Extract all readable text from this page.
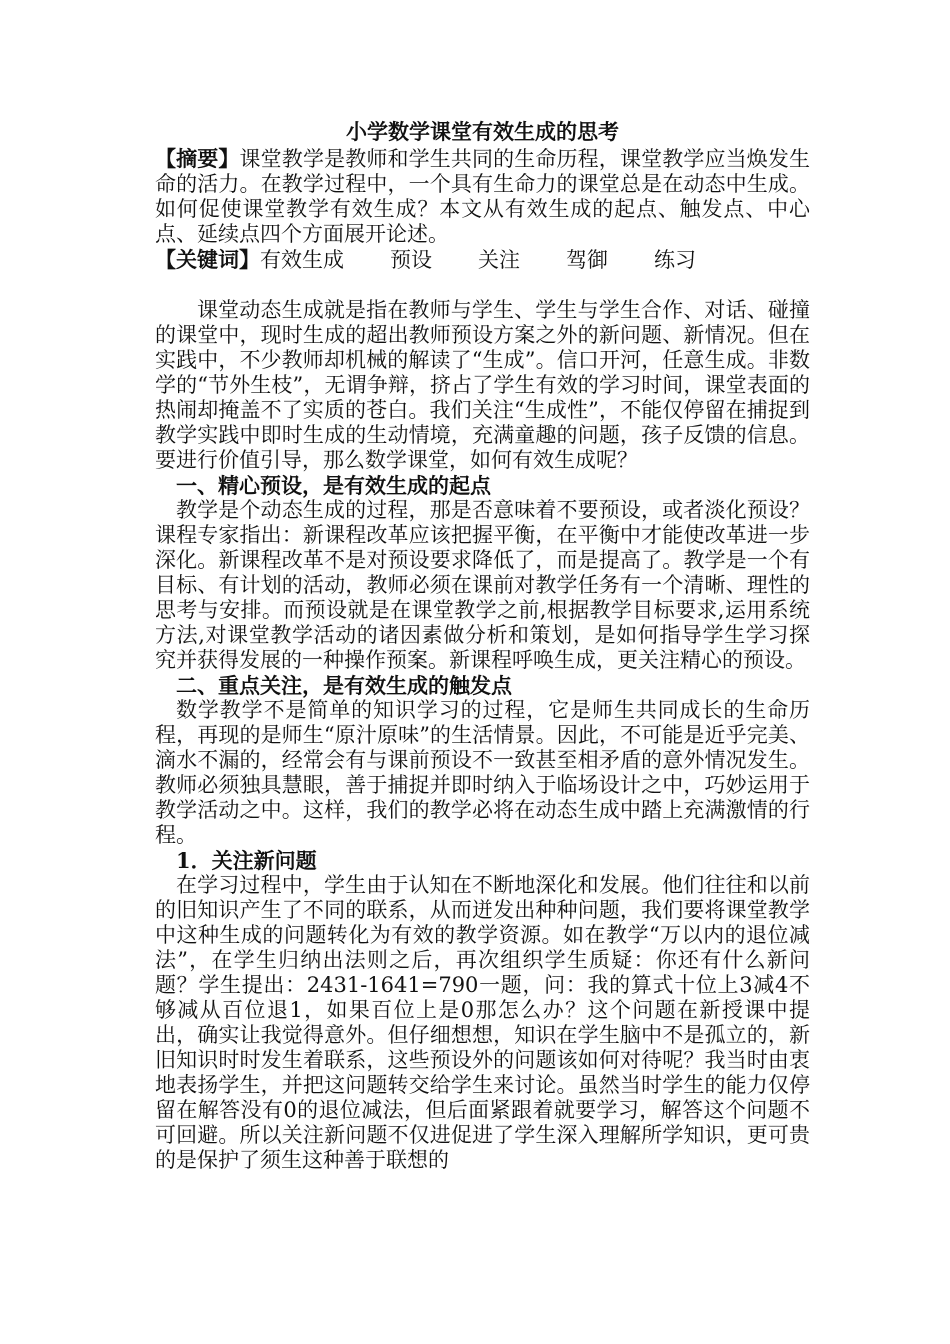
小学数学课堂有效生成的思考

【摘要】课堂教学是教师和学生共同的生命历程，课堂教学应当焕发生命的活力。在教学过程中，一个具有生命力的课堂总是在动态中生成。如何促使课堂教学有效生成？本文从有效生成的起点、触发点、中心点、延续点四个方面展开论述。

【关键词】有效生成 预设 关注 驾御 练习

课堂动态生成就是指在教师与学生、学生与学生合作、对话、碰撞的课堂中，现时生成的超出教师预设方案之外的新问题、新情况。但在实践中，不少教师却机械的解读了“生成”。信口开河，任意生成。非数学的“节外生枝”，无谓争辩，挤占了学生有效的学习时间，课堂表面的热闹却掩盖不了实质的苍白。我们关注“生成性”，不能仅停留在捕捉到教学实践中即时生成的生动情境，充满童趣的问题，孩子反馈的信息。要进行价值引导，那么数学课堂，如何有效生成呢？

一、精心预设，是有效生成的起点

教学是个动态生成的过程，那是否意味着不要预设，或者淡化预设？课程专家指出：新课程改革应该把握平衡，在平衡中才能使改革进一步深化。新课程改革不是对预设要求降低了，而是提高了。教学是一个有目标、有计划的活动，教师必须在课前对教学任务有一个清晰、理性的思考与安排。而预设就是在课堂教学之前,根据教学目标要求,运用系统方法,对课堂教学活动的诸因素做分析和策划，是如何指导学生学习探究并获得发展的一种操作预案。新课程呼唤生成，更关注精心的预设。

二、重点关注，是有效生成的触发点

数学教学不是简单的知识学习的过程，它是师生共同成长的生命历程，再现的是师生“原汁原味”的生活情景。因此，不可能是近乎完美、滴水不漏的，经常会有与课前预设不一致甚至相矛盾的意外情况发生。教师必须独具慧眼，善于捕捉并即时纳入于临场设计之中，巧妙运用于教学活动之中。这样，我们的教学必将在动态生成中踏上充满激情的行程。

1．关注新问题

在学习过程中，学生由于认知在不断地深化和发展。他们往往和以前的旧知识产生了不同的联系，从而迸发出种种问题，我们要将课堂教学中这种生成的问题转化为有效的教学资源。如在教学“万以内的退位减法”，在学生归纳出法则之后，再次组织学生质疑：你还有什么新问题？学生提出：2431-1641=790一题，问：我的算式十位上3减4不够减从百位退1，如果百位上是0那怎么办？这个问题在新授课中提出，确实让我觉得意外。但仔细想想，知识在学生脑中不是孤立的，新旧知识时时发生着联系，这些预设外的问题该如何对待呢？我当时由衷地表扬学生，并把这问题转交给学生来讨论。虽然当时学生的能力仅停留在解答没有0的退位减法，但后面紧跟着就要学习，解答这个问题不可回避。所以关注新问题不仅进促进了学生深入理解所学知识，更可贵的是保护了须生这种善于联想的
